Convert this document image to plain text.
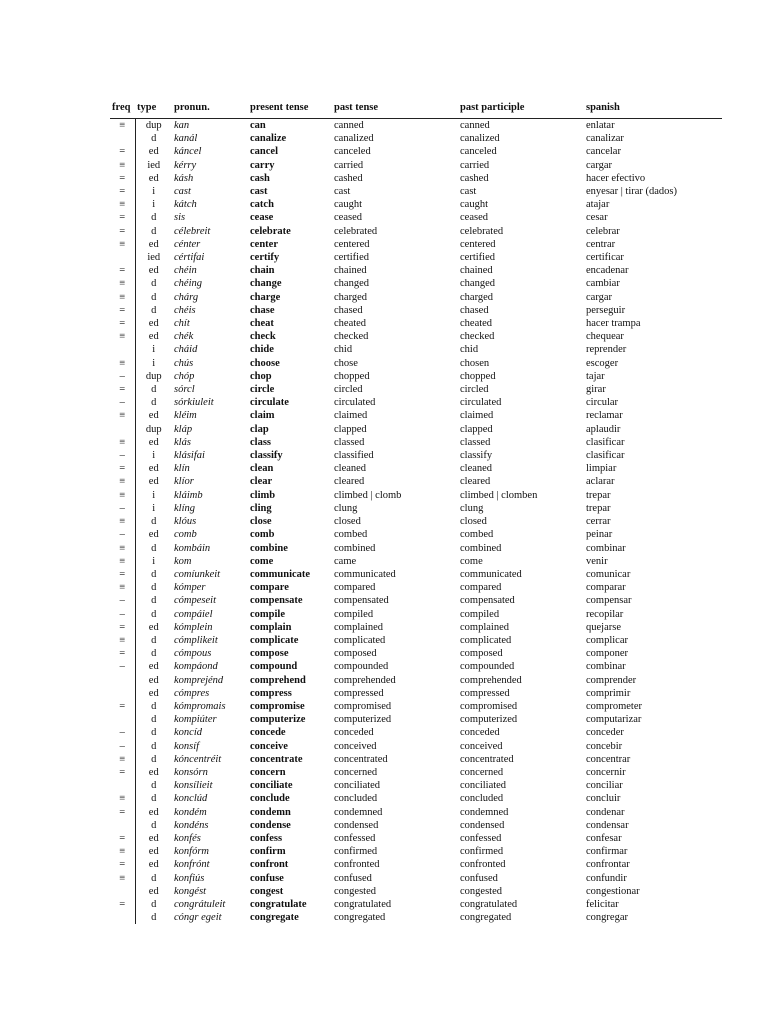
freq	type	pronun.	present tense	past tense	past participle	spanish
≡	dup	kan	can	canned	canned	enlatar
	d	kanál	canalize	canalized	canalized	canalizar
=	ed	káncel	cancel	canceled	canceled	cancelar
≡	ied	kérry	carry	carried	carried	cargar
=	ed	kásh	cash	cashed	cashed	hacer efectivo
=	i	cast	cast	cast	cast	enyesar | tirar (dados)
≡	i	kátch	catch	caught	caught	atajar
=	d	sis	cease	ceased	ceased	cesar
=	d	célebreit	celebrate	celebrated	celebrated	celebrar
≡	ed	cénter	center	centered	centered	centrar
	ied	cértifai	certify	certified	certified	certificar
=	ed	chéin	chain	chained	chained	encadenar
≡	d	chéing	change	changed	changed	cambiar
≡	d	chárg	charge	charged	charged	cargar
=	d	chéis	chase	chased	chased	perseguir
=	ed	chít	cheat	cheated	cheated	hacer trampa
≡	ed	chék	check	checked	checked	chequear
	i	cháid	chide	chid	chid	reprender
≡	i	chús	choose	chose	chosen	escoger
–	dup	chóp	chop	chopped	chopped	tajar
=	d	sórcl	circle	circled	circled	girar
–	d	sórkiuleit	circulate	circulated	circulated	circular
≡	ed	kléim	claim	claimed	claimed	reclamar
	dup	kláp	clap	clapped	clapped	aplaudir
≡	ed	klás	class	classed	classed	clasificar
–	i	klásifai	classify	classified	classify	clasificar
=	ed	klín	clean	cleaned	cleaned	limpiar
≡	ed	klíor	clear	cleared	cleared	aclarar
≡	i	kláimb	climb	climbed | clomb	climbed | clomben	trepar
–	i	klíng	cling	clung	clung	trepar
≡	d	klóus	close	closed	closed	cerrar
–	ed	comb	comb	combed	combed	peinar
≡	d	kombáin	combine	combined	combined	combinar
≡	i	kom	come	came	come	venir
=	d	comíunkeit	communicate	communicated	communicated	comunicar
≡	d	kómper	compare	compared	compared	comparar
–	d	cómpeseit	compensate	compensated	compensated	compensar
–	d	compáiel	compile	compiled	compiled	recopilar
=	ed	kómplein	complain	complained	complained	quejarse
≡	d	cómplikeit	complicate	complicated	complicated	complicar
=	d	cómpous	compose	composed	composed	componer
–	ed	kompáond	compound	compounded	compounded	combinar
	ed	kompreјénd	comprehend	comprehended	comprehended	comprender
	ed	cómpres	compress	compressed	compressed	comprimir
=	d	kómpromais	compromise	compromised	compromised	comprometer
	d	kompiúter	computerize	computerized	computerized	computarizar
–	d	koncíd	concede	conceded	conceded	conceder
–	d	konsíf	conceive	conceived	conceived	concebir
≡	d	kóncentréit	concentrate	concentrated	concentrated	concentrar
=	ed	konsórn	concern	concerned	concerned	concernir
	d	konsílieit	conciliate	conciliated	conciliated	conciliar
≡	d	konclúd	conclude	concluded	concluded	concluir
=	ed	kondém	condemn	condemned	condemned	condenar
	d	kondéns	condense	condensed	condensed	condensar
=	ed	konfés	confess	confessed	confessed	confesar
≡	ed	konfórm	confirm	confirmed	confirmed	confirmar
=	ed	konfrónt	confront	confronted	confronted	confrontar
≡	d	konfiús	confuse	confused	confused	confundir
	ed	kongést	congest	congested	congested	congestionar
=	d	congrátuleit	congratulate	congratulated	congratulated	felicitar
	d	cóngr egeit	congregate	congregated	congregated	congregar
